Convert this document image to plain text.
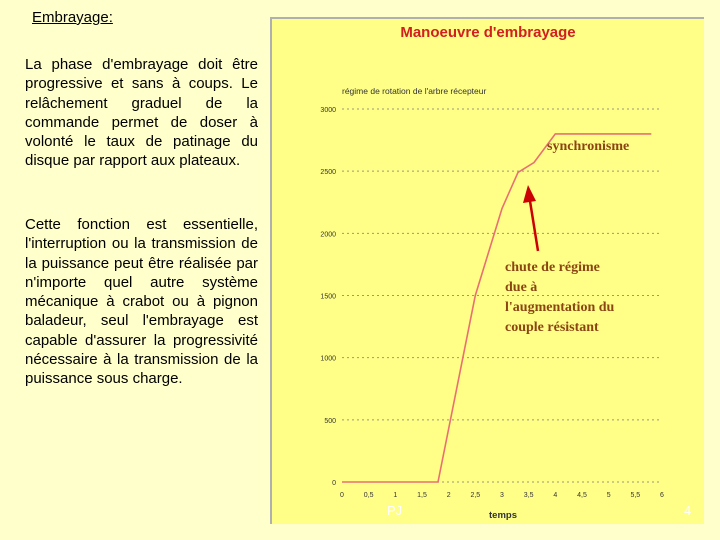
Embrayage:

La phase d'embrayage doit être progressive et sans à coups. Le relâchement graduel de la commande permet de doser à volonté le taux de patinage du disque par rapport aux plateaux.

Cette fonction est essentielle, l'interruption ou la transmission de la puissance peut être réalisée par n'importe quel autre système mécanique à crabot ou à pignon baladeur, seul l'embrayage est capable d'assurer la progressivité nécessaire à la transmission de la puissance sous charge.

Manoeuvre d'embrayage
régime de rotation de l'arbre récepteur
temps
0
500
1000
1500
2000
2500
3000
0	0,5	1	1,5	2	2,5	3	3,5	4	4,5	5	5,5	6
synchronisme
chute de régime
due à
l'augmentation du
couple résistant
PJ	4
